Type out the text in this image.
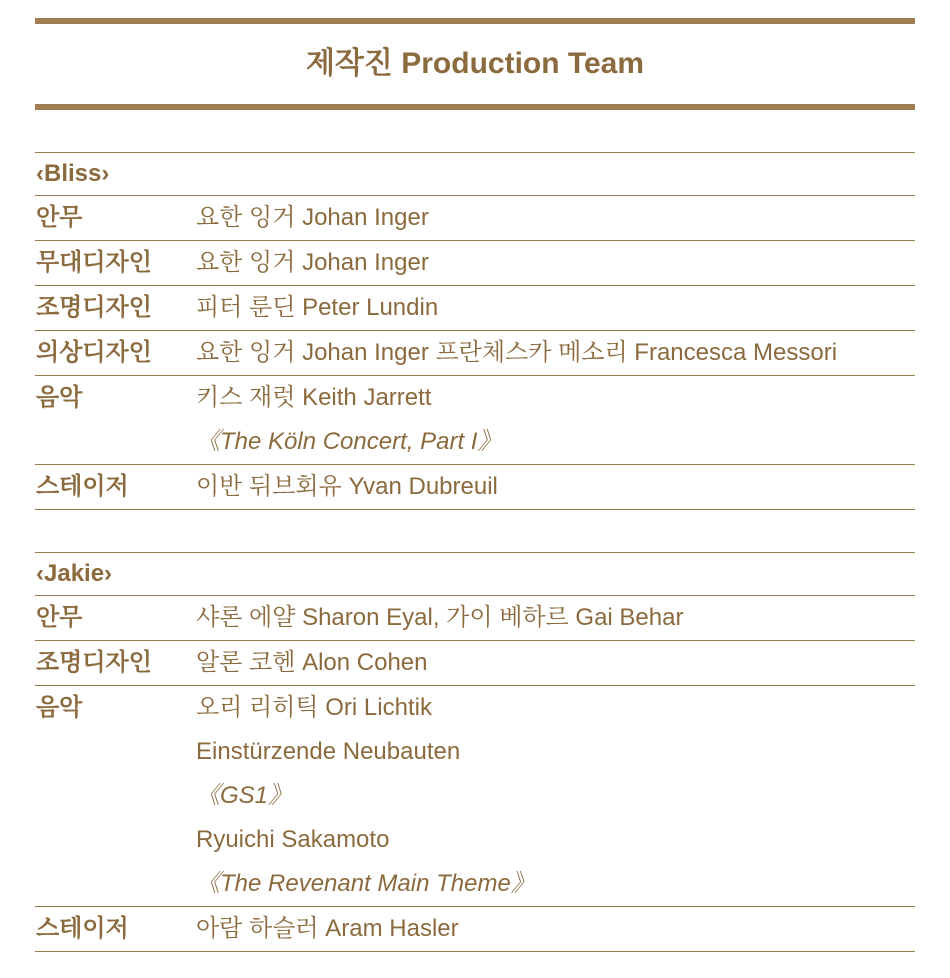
제작진 Production Team
‹Bliss›
안무	요한 잉거 Johan Inger
무대디자인	요한 잉거 Johan Inger
조명디자인	피터 룬딘 Peter Lundin
의상디자인	요한 잉거 Johan Inger 프란체스카 메소리 Francesca Messori
음악	키스 재럿 Keith Jarrett
《The Köln Concert, Part I》
스테이저	이반 뒤브회유 Yvan Dubreuil
‹Jakie›
안무	샤론 에얄 Sharon Eyal, 가이 베하르 Gai Behar
조명디자인	알론 코헨 Alon Cohen
음악	오리 리히틱 Ori Lichtik
Einstürzende Neubauten
《GS1》
Ryuichi Sakamoto
《The Revenant Main Theme》
스테이저	아람 하슬러 Aram Hasler
